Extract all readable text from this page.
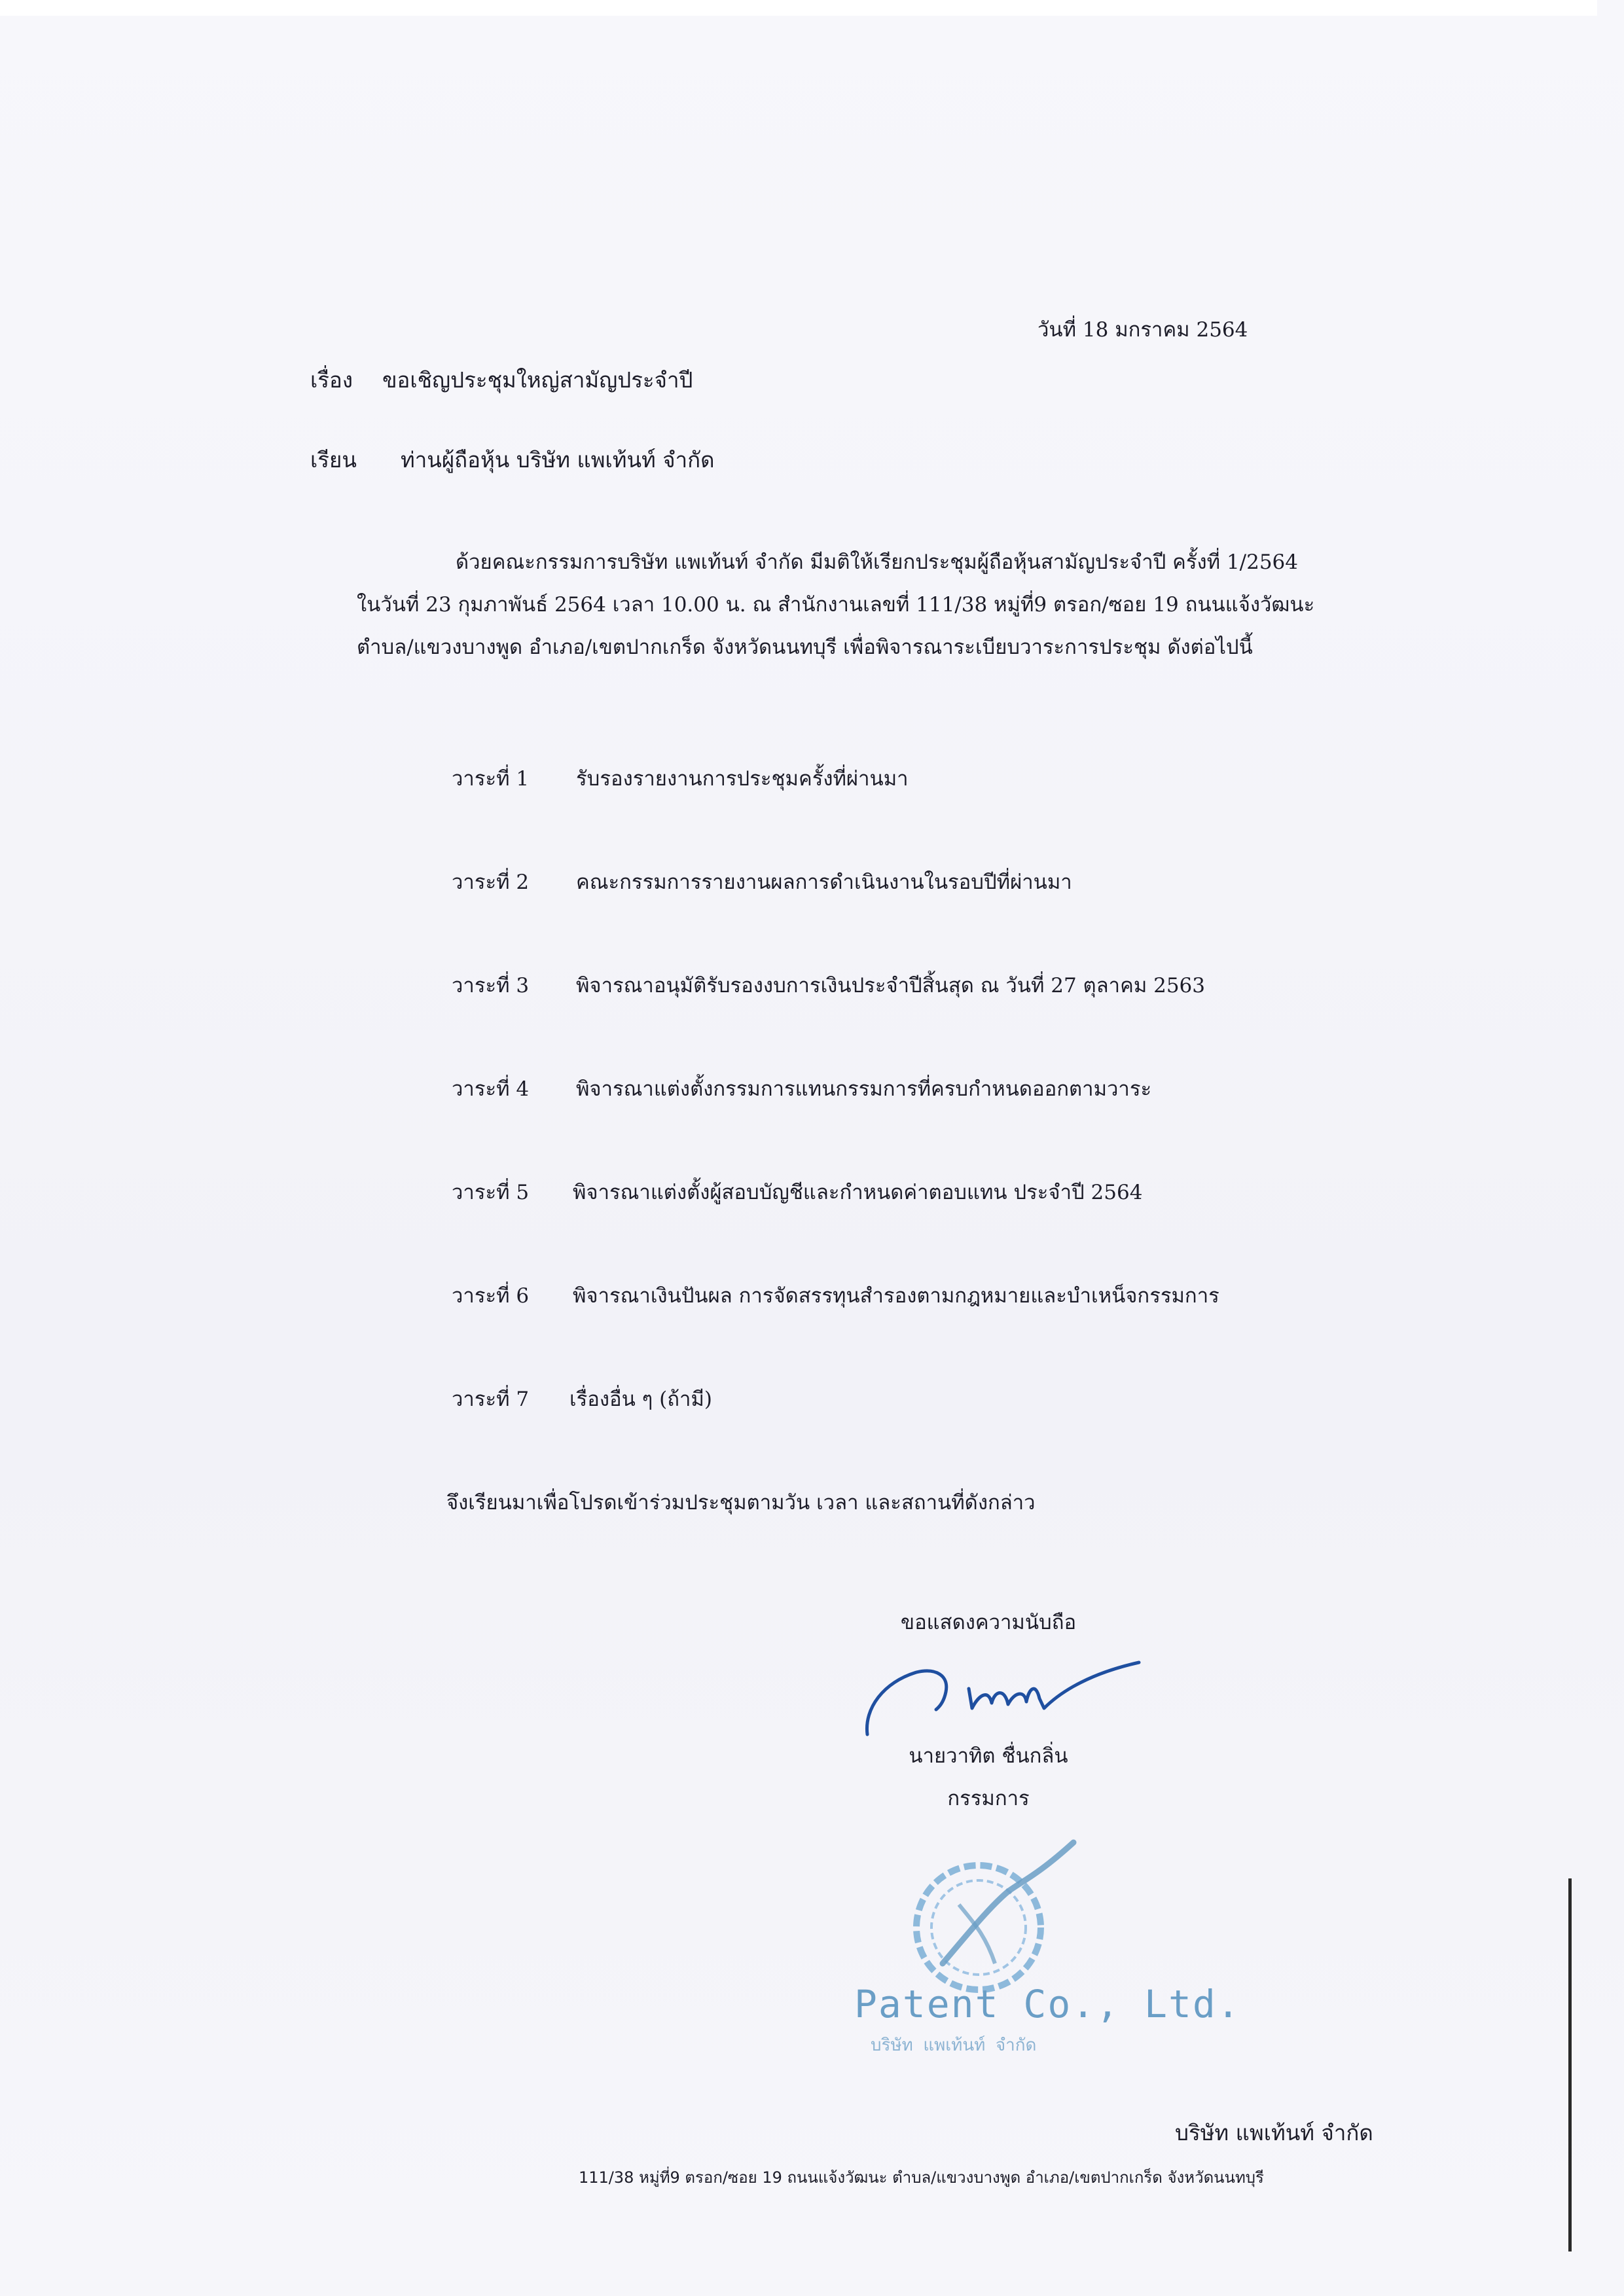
วันที่ 18 มกราคม 2564
เรื่อง ขอเชิญประชุมใหญ่สามัญประจำปี
เรียน ท่านผู้ถือหุ้น บริษัท แพเท้นท์ จำกัด
ด้วยคณะกรรมการบริษัท แพเท้นท์ จำกัด มีมติให้เรียกประชุมผู้ถือหุ้นสามัญประจำปี ครั้งที่ 1/2564
ในวันที่ 23 กุมภาพันธ์ 2564 เวลา 10.00 น. ณ สำนักงานเลขที่ 111/38 หมู่ที่9 ตรอก/ซอย 19 ถนนแจ้งวัฒนะ
ตำบล/แขวงบางพูด อำเภอ/เขตปากเกร็ด จังหวัดนนทบุรี เพื่อพิจารณาระเบียบวาระการประชุม ดังต่อไปนี้
วาระที่ 1 รับรองรายงานการประชุมครั้งที่ผ่านมา
วาระที่ 2 คณะกรรมการรายงานผลการดำเนินงานในรอบปีที่ผ่านมา
วาระที่ 3 พิจารณาอนุมัติรับรองงบการเงินประจำปีสิ้นสุด ณ วันที่ 27 ตุลาคม 2563
วาระที่ 4 พิจารณาแต่งตั้งกรรมการแทนกรรมการที่ครบกำหนดออกตามวาระ
วาระที่ 5 พิจารณาแต่งตั้งผู้สอบบัญชีและกำหนดค่าตอบแทน ประจำปี 2564
วาระที่ 6 พิจารณาเงินปันผล การจัดสรรทุนสำรองตามกฎหมายและบำเหน็จกรรมการ
วาระที่ 7 เรื่องอื่น ๆ (ถ้ามี)
จึงเรียนมาเพื่อโปรดเข้าร่วมประชุมตามวัน เวลา และสถานที่ดังกล่าว
ขอแสดงความนับถือ
นายวาทิต ชื่นกลิ่น
กรรมการ
Patent Co., Ltd.
บริษัท แพเท้นท์ จำกัด
บริษัท แพเท้นท์ จำกัด
111/38 หมู่ที่9 ตรอก/ซอย 19 ถนนแจ้งวัฒนะ ตำบล/แขวงบางพูด อำเภอ/เขตปากเกร็ด จังหวัดนนทบุรี
